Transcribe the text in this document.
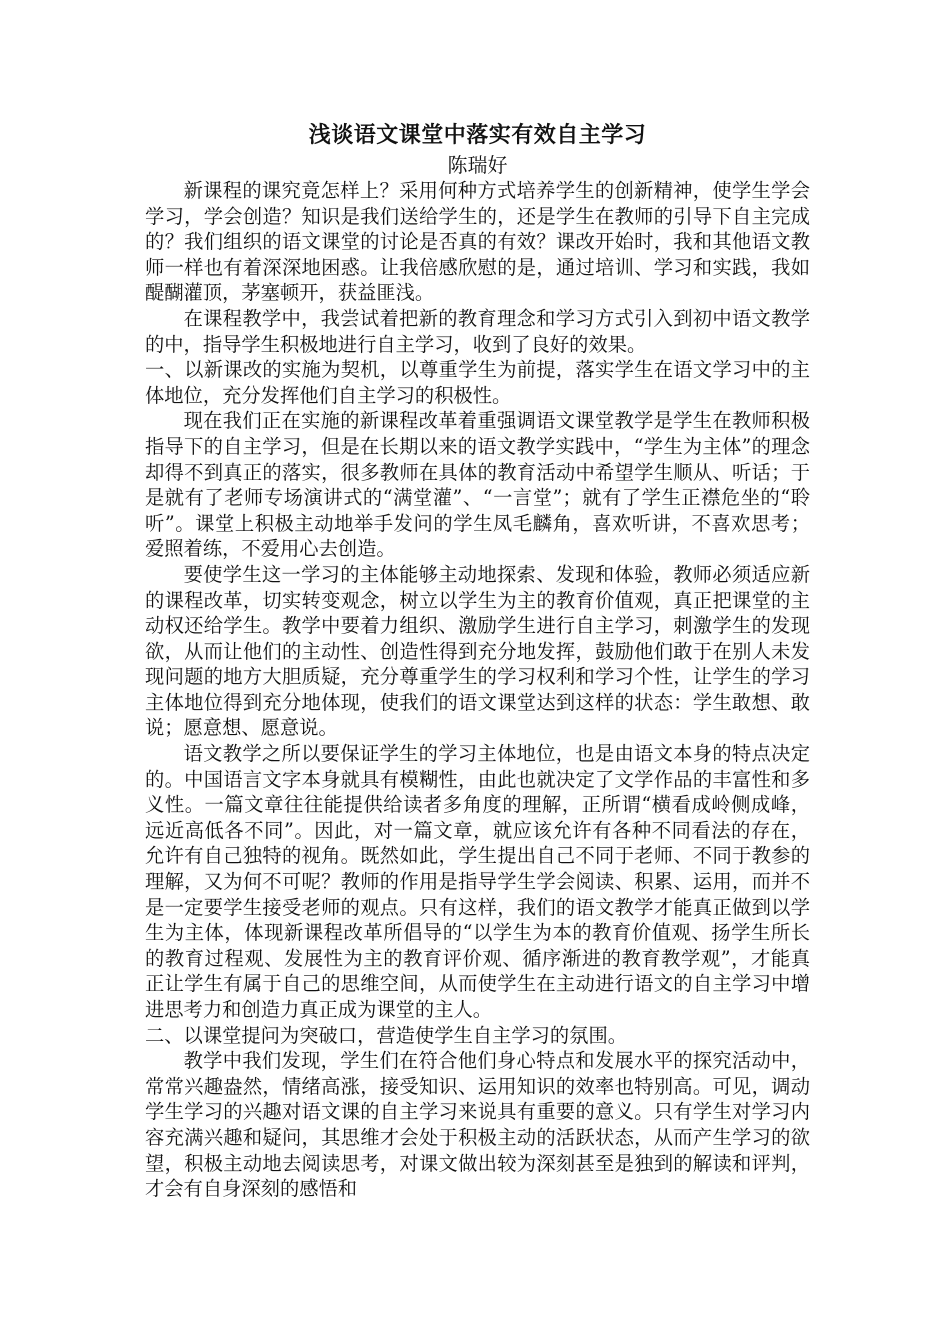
浅谈语文课堂中落实有效自主学习

陈瑞好

新课程的课究竟怎样上？采用何种方式培养学生的创新精神，使学生学会学习，学会创造？知识是我们送给学生的，还是学生在教师的引导下自主完成的？我们组织的语文课堂的讨论是否真的有效？课改开始时，我和其他语文教师一样也有着深深地困惑。让我倍感欣慰的是，通过培训、学习和实践，我如醍醐灌顶，茅塞顿开，获益匪浅。

在课程教学中，我尝试着把新的教育理念和学习方式引入到初中语文教学的中，指导学生积极地进行自主学习，收到了良好的效果。

一、以新课改的实施为契机，以尊重学生为前提，落实学生在语文学习中的主体地位，充分发挥他们自主学习的积极性。

现在我们正在实施的新课程改革着重强调语文课堂教学是学生在教师积极指导下的自主学习，但是在长期以来的语文教学实践中，“学生为主体”的理念却得不到真正的落实，很多教师在具体的教育活动中希望学生顺从、听话；于是就有了老师专场演讲式的“满堂灌”、“一言堂”；就有了学生正襟危坐的“聆听”。课堂上积极主动地举手发问的学生凤毛麟角，喜欢听讲，不喜欢思考；爱照着练，不爱用心去创造。

要使学生这一学习的主体能够主动地探索、发现和体验，教师必须适应新的课程改革，切实转变观念，树立以学生为主的教育价值观，真正把课堂的主动权还给学生。教学中要着力组织、激励学生进行自主学习，刺激学生的发现欲，从而让他们的主动性、创造性得到充分地发挥，鼓励他们敢于在别人未发现问题的地方大胆质疑，充分尊重学生的学习权利和学习个性，让学生的学习主体地位得到充分地体现，使我们的语文课堂达到这样的状态：学生敢想、敢说；愿意想、愿意说。

语文教学之所以要保证学生的学习主体地位，也是由语文本身的特点决定的。中国语言文字本身就具有模糊性，由此也就决定了文学作品的丰富性和多义性。一篇文章往往能提供给读者多角度的理解，正所谓“横看成岭侧成峰，远近高低各不同”。因此，对一篇文章，就应该允许有各种不同看法的存在，允许有自己独特的视角。既然如此，学生提出自己不同于老师、不同于教参的理解，又为何不可呢？教师的作用是指导学生学会阅读、积累、运用，而并不是一定要学生接受老师的观点。只有这样，我们的语文教学才能真正做到以学生为主体，体现新课程改革所倡导的“以学生为本的教育价值观、扬学生所长的教育过程观、发展性为主的教育评价观、循序渐进的教育教学观”，才能真正让学生有属于自己的思维空间，从而使学生在主动进行语文的自主学习中增进思考力和创造力真正成为课堂的主人。

二、以课堂提问为突破口，营造使学生自主学习的氛围。

教学中我们发现，学生们在符合他们身心特点和发展水平的探究活动中，常常兴趣盎然，情绪高涨，接受知识、运用知识的效率也特别高。可见，调动学生学习的兴趣对语文课的自主学习来说具有重要的意义。只有学生对学习内容充满兴趣和疑问，其思维才会处于积极主动的活跃状态，从而产生学习的欲望，积极主动地去阅读思考，对课文做出较为深刻甚至是独到的解读和评判，才会有自身深刻的感悟和
